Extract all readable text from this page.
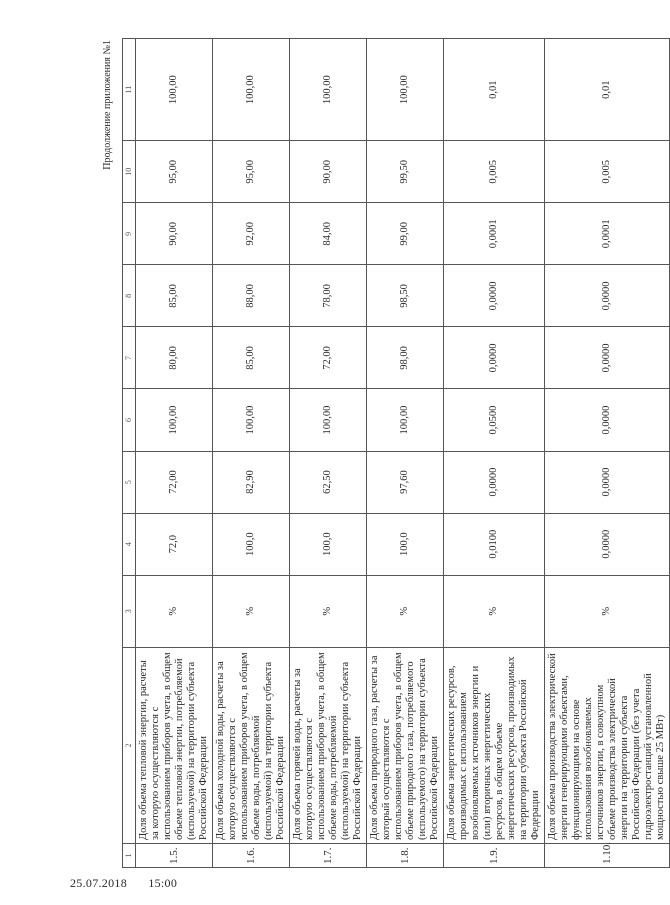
Продолжение приложения №1
1	2	3	4	5	6	7	8	9	10	11
1.5.	Доля объема тепловой энергии, расчеты за которую осуществляются с использованием приборов учета, в общем объеме тепловой энергии, потребляемой (используемой) на территории субъекта Российской Федерации	%	72,0	72,00	100,00	80,00	85,00	90,00	95,00	100,00
1.6.	Доля объема холодной воды, расчеты за которую осуществляются с использованием приборов учета, в общем объеме воды, потребляемой (используемой) на территории субъекта Российской Федерации	%	100,0	82,90	100,00	85,00	88,00	92,00	95,00	100,00
1.7.	Доля объема горячей воды, расчеты за которую осуществляются с использованием приборов учета, в общем объеме воды, потребляемой (используемой) на территории субъекта Российской Федерации	%	100,0	62,50	100,00	72,00	78,00	84,00	90,00	100,00
1.8.	Доля объема природного газа, расчеты за который осуществляются с использованием приборов учета, в общем объеме природного газа, потребляемого (используемого) на территории субъекта Российской Федерации	%	100,0	97,60	100,00	98,00	98,50	99,00	99,50	100,00
1.9.	Доля объема энергетических ресурсов, производимых с использованием возобновляемых источников энергии и (или) вторичных энергетических ресурсов, в общем объеме энергетических ресурсов, производимых на территории субъекта Российской Федерации	%	0,0100	0,0000	0,0500	0,0000	0,0000	0,0001	0,005	0,01
1.10.	Доля объема производства электрической энергии генерирующими объектами, функционирующими на основе использования возобновляемых источников энергии, в совокупном объеме производства электрической энергии на территории субъекта Российской Федерации (без учета гидроэлектростанций установленной мощностью свыше 25 МВт)	%	0,0000	0,0000	0,0000	0,0000	0,0000	0,0001	0,005	0,01
25.07.2018 15:00
